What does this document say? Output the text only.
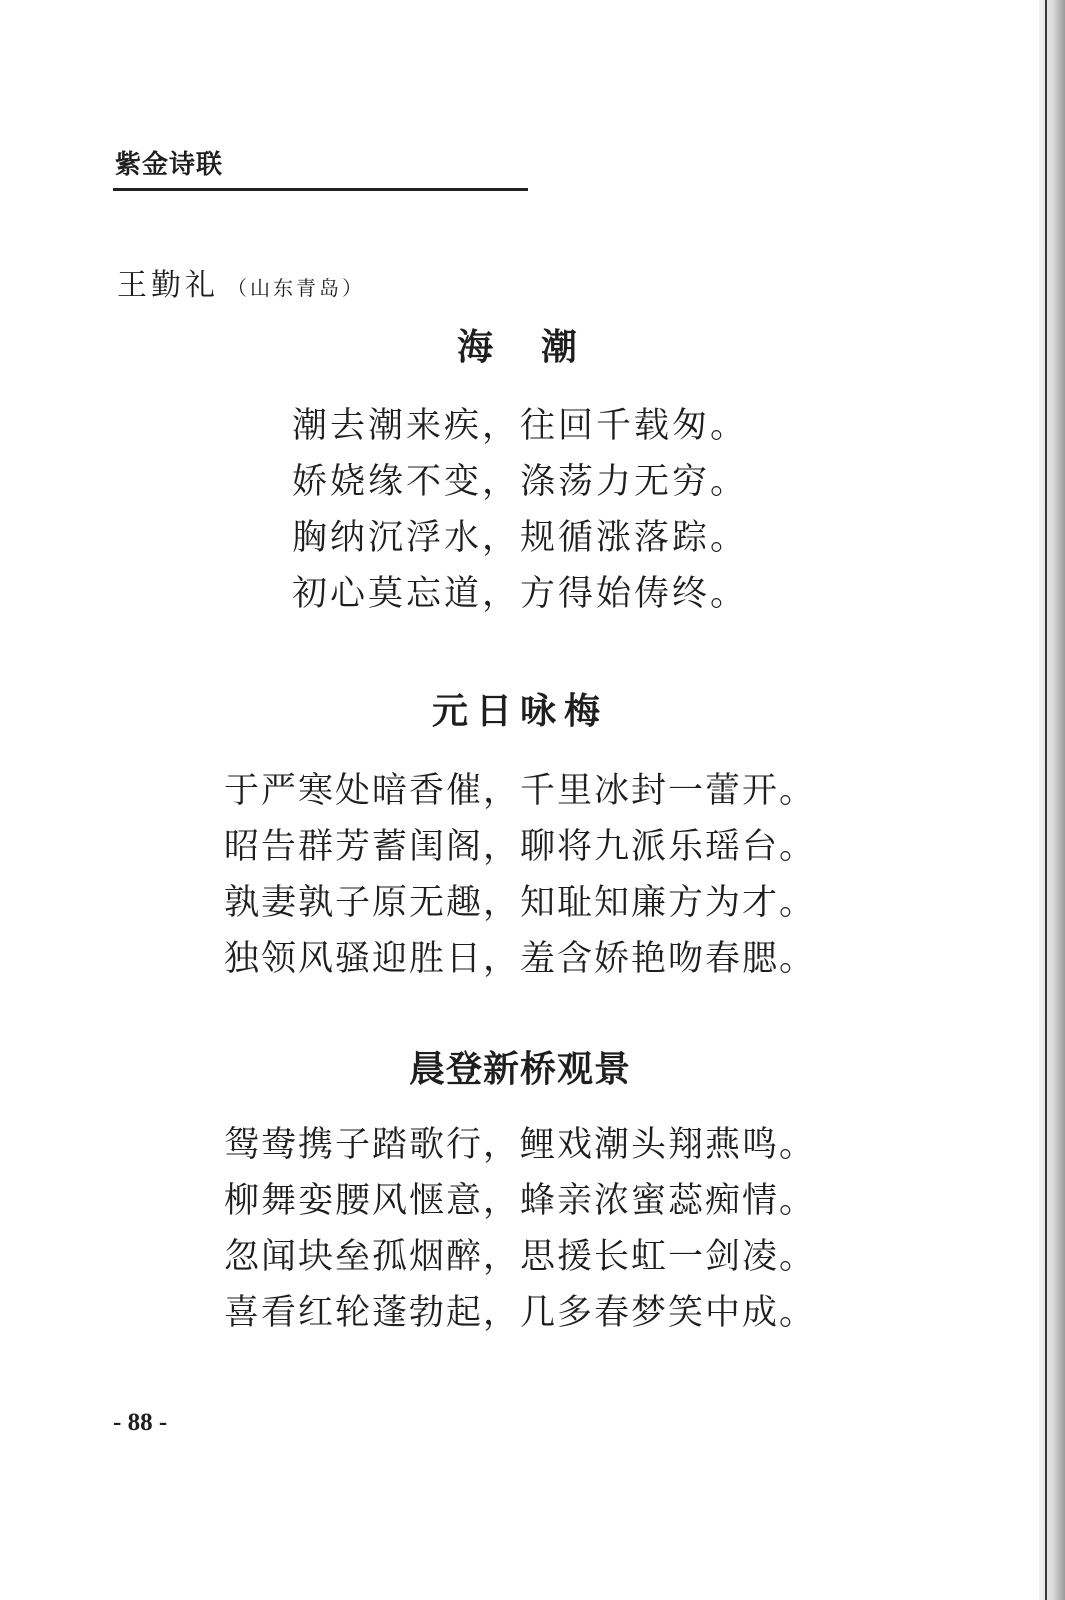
紫金诗联
王勤礼 （山东青岛）
海　潮
潮去潮来疾，往回千载匆。
娇娆缘不变，涤荡力无穷。
胸纳沉浮水，规循涨落踪。
初心莫忘道，方得始俦终。
元日咏梅
于严寒处暗香催，千里冰封一蕾开。
昭告群芳蓄闺阁，聊将九派乐瑶台。
孰妻孰子原无趣，知耻知廉方为才。
独领风骚迎胜日，羞含娇艳吻春腮。
晨登新桥观景
鸳鸯携子踏歌行，鲤戏潮头翔燕鸣。
柳舞娈腰风惬意，蜂亲浓蜜蕊痴情。
忽闻块垒孤烟醉，思援长虹一剑凌。
喜看红轮蓬勃起，几多春梦笑中成。
- 88 -
